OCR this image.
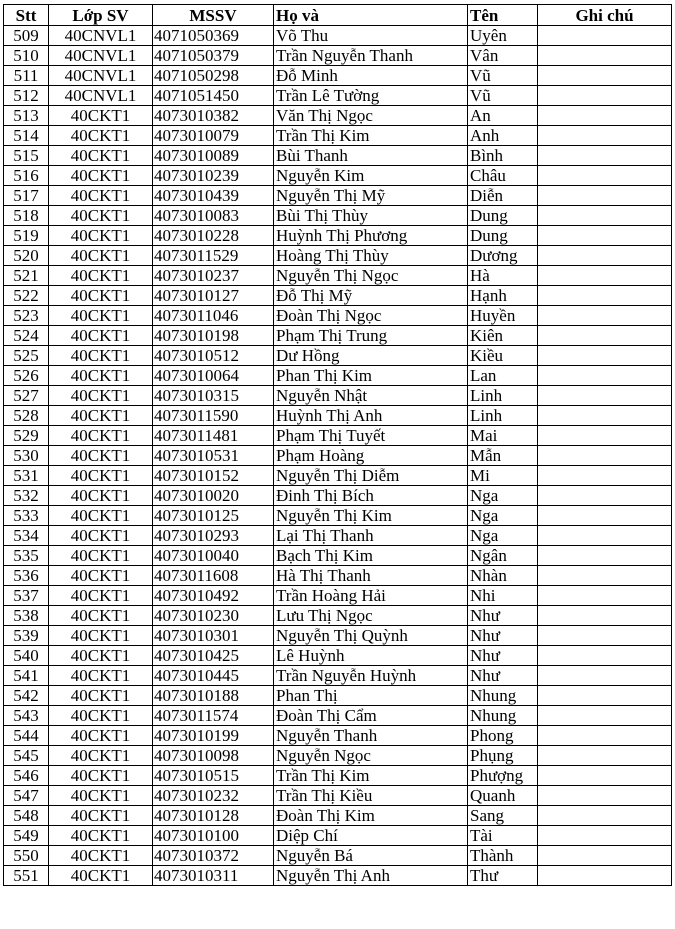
Stt	Lớp SV	MSSV	Họ và	Tên	Ghi chú
509	40CNVL1	4071050369	Võ Thu	Uyên	
510	40CNVL1	4071050379	Trần Nguyễn Thanh	Vân	
511	40CNVL1	4071050298	Đỗ Minh	Vũ	
512	40CNVL1	4071051450	Trần Lê Tường	Vũ	
513	40CKT1	4073010382	Văn Thị Ngọc	An	
514	40CKT1	4073010079	Trần Thị Kim	Anh	
515	40CKT1	4073010089	Bùi Thanh	Bình	
516	40CKT1	4073010239	Nguyễn Kim	Châu	
517	40CKT1	4073010439	Nguyễn Thị Mỹ	Diễn	
518	40CKT1	4073010083	Bùi Thị Thùy	Dung	
519	40CKT1	4073010228	Huỳnh Thị Phương	Dung	
520	40CKT1	4073011529	Hoàng Thị Thùy	Dương	
521	40CKT1	4073010237	Nguyễn Thị Ngọc	Hà	
522	40CKT1	4073010127	Đỗ Thị Mỹ	Hạnh	
523	40CKT1	4073011046	Đoàn Thị Ngọc	Huyền	
524	40CKT1	4073010198	Phạm Thị Trung	Kiên	
525	40CKT1	4073010512	Dư Hồng	Kiều	
526	40CKT1	4073010064	Phan Thị Kim	Lan	
527	40CKT1	4073010315	Nguyễn Nhật	Linh	
528	40CKT1	4073011590	Huỳnh Thị Anh	Linh	
529	40CKT1	4073011481	Phạm Thị Tuyết	Mai	
530	40CKT1	4073010531	Phạm Hoàng	Mẫn	
531	40CKT1	4073010152	Nguyễn Thị Diễm	Mi	
532	40CKT1	4073010020	Đinh Thị Bích	Nga	
533	40CKT1	4073010125	Nguyễn Thị Kim	Nga	
534	40CKT1	4073010293	Lại Thị Thanh	Nga	
535	40CKT1	4073010040	Bạch Thị Kim	Ngân	
536	40CKT1	4073011608	Hà Thị Thanh	Nhàn	
537	40CKT1	4073010492	Trần Hoàng Hải	Nhi	
538	40CKT1	4073010230	Lưu Thị Ngọc	Như	
539	40CKT1	4073010301	Nguyễn Thị Quỳnh	Như	
540	40CKT1	4073010425	Lê Huỳnh	Như	
541	40CKT1	4073010445	Trần Nguyễn Huỳnh	Như	
542	40CKT1	4073010188	Phan Thị	Nhung	
543	40CKT1	4073011574	Đoàn Thị Cẩm	Nhung	
544	40CKT1	4073010199	Nguyễn Thanh	Phong	
545	40CKT1	4073010098	Nguyễn Ngọc	Phụng	
546	40CKT1	4073010515	Trần Thị Kim	Phượng	
547	40CKT1	4073010232	Trần Thị Kiều	Quanh	
548	40CKT1	4073010128	Đoàn Thị Kim	Sang	
549	40CKT1	4073010100	Diệp Chí	Tài	
550	40CKT1	4073010372	Nguyễn Bá	Thành	
551	40CKT1	4073010311	Nguyễn Thị Anh	Thư	
